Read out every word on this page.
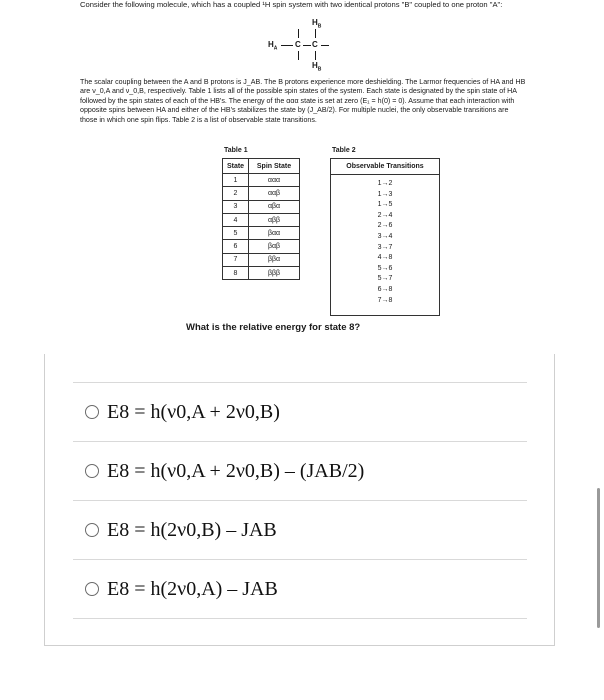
Consider the following molecule, which has a coupled ¹H spin system with two identical protons "B" coupled to one proton "A":

$H_B$
$H_A$ C C
$H_B$

The scalar coupling between the A and B protons is J_AB. The B protons experience more deshielding. The Larmor frequencies of HA and HB are ν_0,A and ν_0,B, respectively. Table 1 lists all of the possible spin states of the system. Each state is designated by the spin state of HA followed by the spin states of each of the HB's. The energy of the ααα state is set at zero (E₁ = h(0) = 0). Assume that each interaction with opposite spins between HA and either of the HB's stabilizes the state by (J_AB/2). For multiple nuclei, the only observable transitions are those in which one spin flips. Table 2 is a list of observable state transitions.

Table 1
State	Spin State
1	ααα
2	ααβ
3	αβα
4	αββ
5	βαα
6	βαβ
7	ββα
8	βββ
Table 2
Observable Transitions
1→2
1→3
1→5
2→4
2→6
3→4
3→7
4→8
5→6
5→7
6→8
7→8
What is the relative energy for state 8?
E8 = h(ν0,A + 2ν0,B)
E8 = h(ν0,A + 2ν0,B) – (JAB/2)
E8 = h(2ν0,B) – JAB
E8 = h(2ν0,A) – JAB
